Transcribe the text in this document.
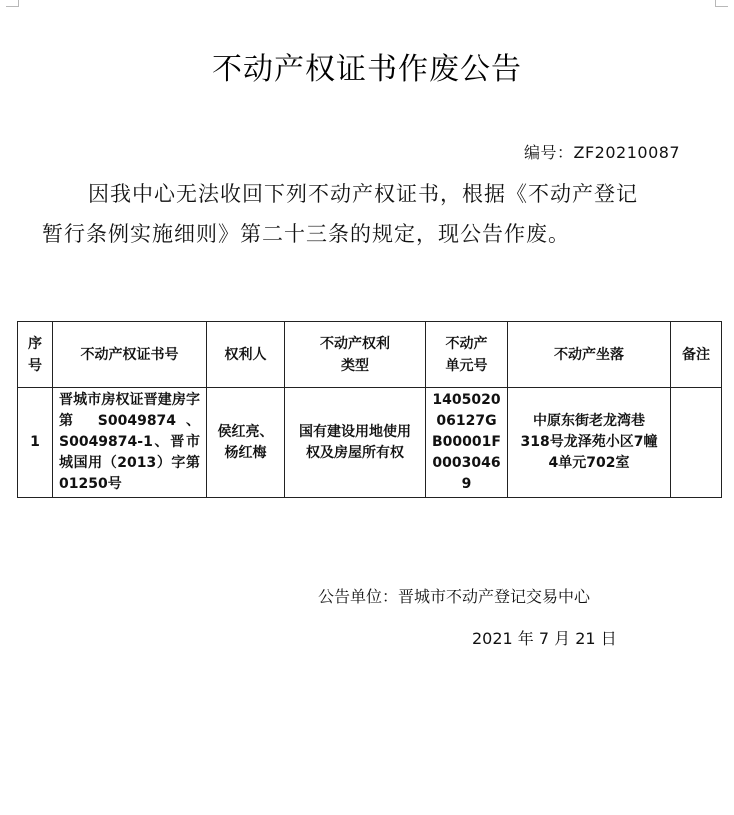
不动产权证书作废公告
编号：ZF20210087
因我中心无法收回下列不动产权证书，根据《不动产登记
暂行条例实施细则》第二十三条的规定，现公告作废。
序号	不动产权证书号	权利人	不动产权利类型	不动产单元号	不动产坐落	备注
1	晋城市房权证晋建房字第 S0049874、S0049874-1、晋市城国用（2013）字第01250号	侯红亮、杨红梅	国有建设用地使用权及房屋所有权	140502006127GB00001F00030469	中原东街老龙湾巷318号龙泽苑小区7幢4单元702室	
公告单位：晋城市不动产登记交易中心
2021 年 7 月 21 日
